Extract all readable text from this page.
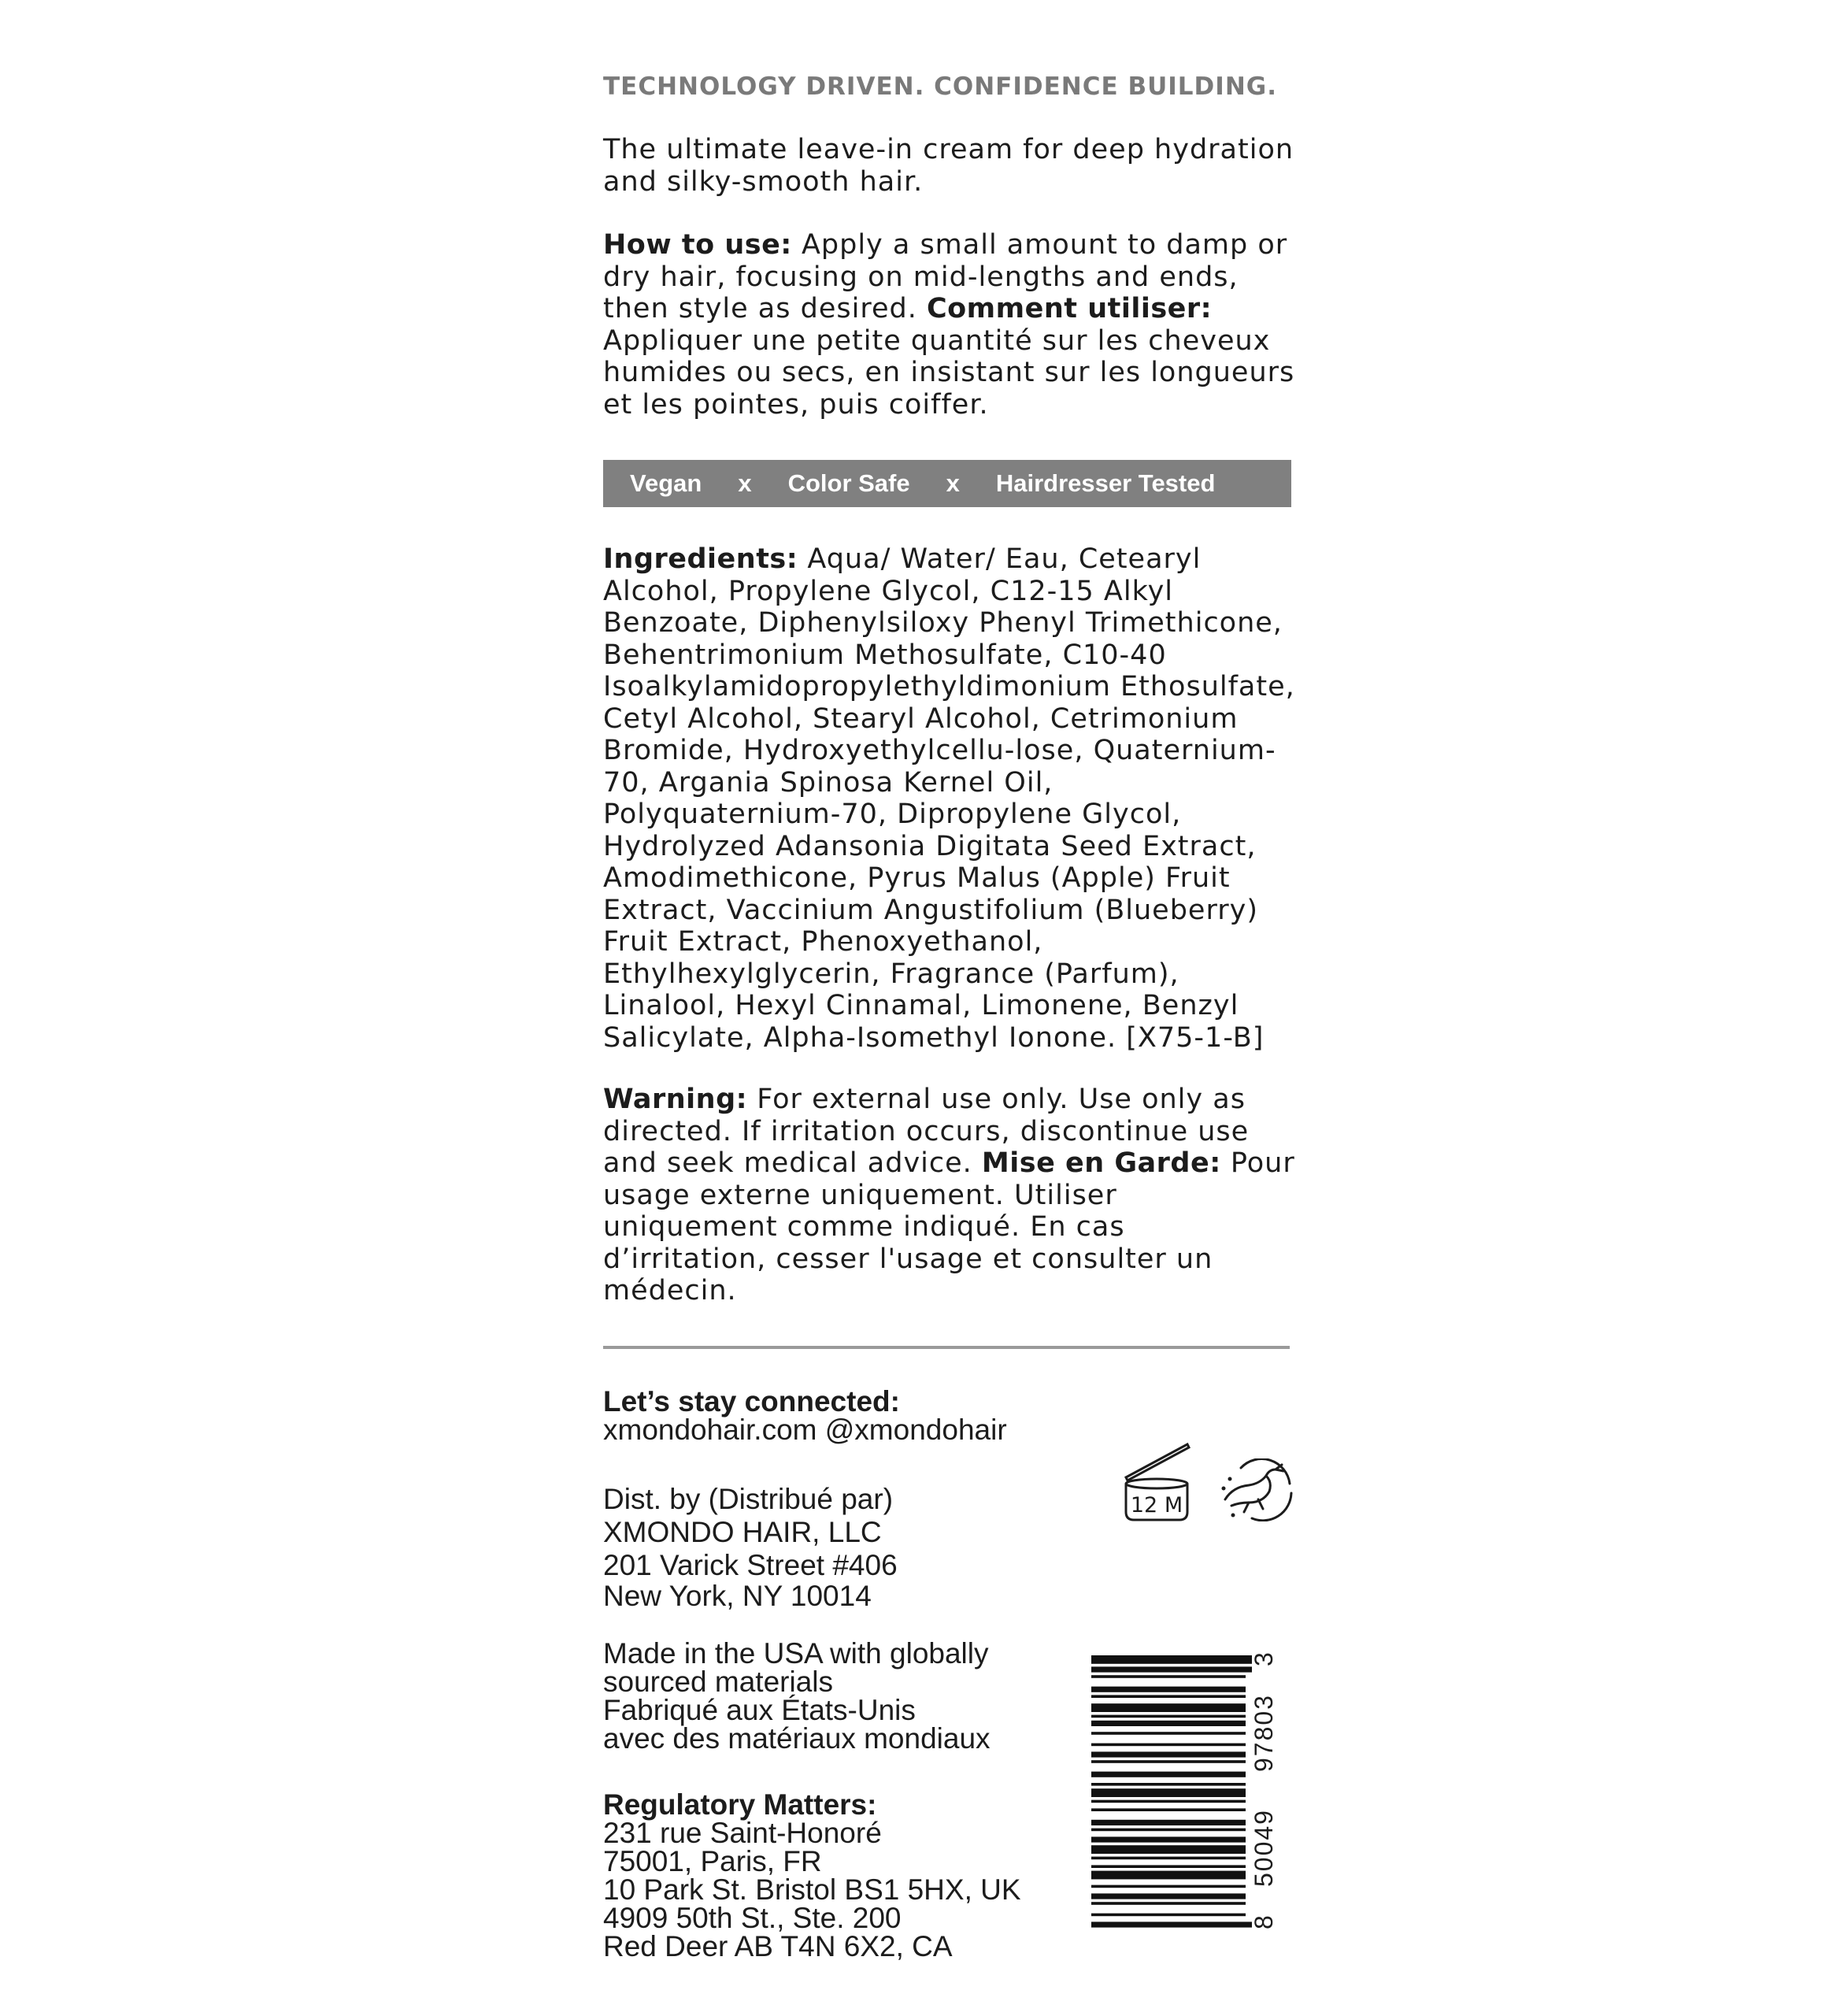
TECHNOLOGY DRIVEN. CONFIDENCE BUILDING.
The ultimate leave-in cream for deep hydration and silky-smooth hair.
How to use: Apply a small amount to damp or dry hair, focusing on mid-lengths and ends, then style as desired. Comment utiliser: Appliquer une petite quantité sur les cheveux humides ou secs, en insistant sur les longueurs et les pointes, puis coiffer.
Vegan x Color Safe x Hairdresser Tested
Ingredients: Aqua/ Water/ Eau, Cetearyl Alcohol, Propylene Glycol, C12-15 Alkyl Benzoate, Diphenylsiloxy Phenyl Trimethicone, Behentrimonium Methosulfate, C10-40 Isoalkylamidopropylethyldimonium Ethosulfate, Cetyl Alcohol, Stearyl Alcohol, Cetrimonium Bromide, Hydroxyethylcellu-lose, Quaternium-70, Argania Spinosa Kernel Oil, Polyquaternium-70, Dipropylene Glycol, Hydrolyzed Adansonia Digitata Seed Extract, Amodimethicone, Pyrus Malus (Apple) Fruit Extract, Vaccinium Angustifolium (Blueberry) Fruit Extract, Phenoxyethanol, Ethylhexylglycerin, Fragrance (Parfum), Linalool, Hexyl Cinnamal, Limonene, Benzyl Salicylate, Alpha-Isomethyl Ionone. [X75-1-B]
Warning: For external use only. Use only as directed. If irritation occurs, discontinue use and seek medical advice. Mise en Garde: Pour usage externe uniquement. Utiliser uniquement comme indiqué. En cas d’irritation, cesser l'usage et consulter un médecin.
Let’s stay connected:
xmondohair.com @xmondohair
Dist. by (Distribué par)
XMONDO HAIR, LLC
201 Varick Street #406
New York, NY 10014
Made in the USA with globally
sourced materials
Fabriqué aux États-Unis
avec des matériaux mondiaux
Regulatory Matters:
231 rue Saint-Honoré
75001, Paris, FR
10 Park St. Bristol BS1 5HX, UK
4909 50th St., Ste. 200
Red Deer AB T4N 6X2, CA
12 M
8
50049
97803
3
